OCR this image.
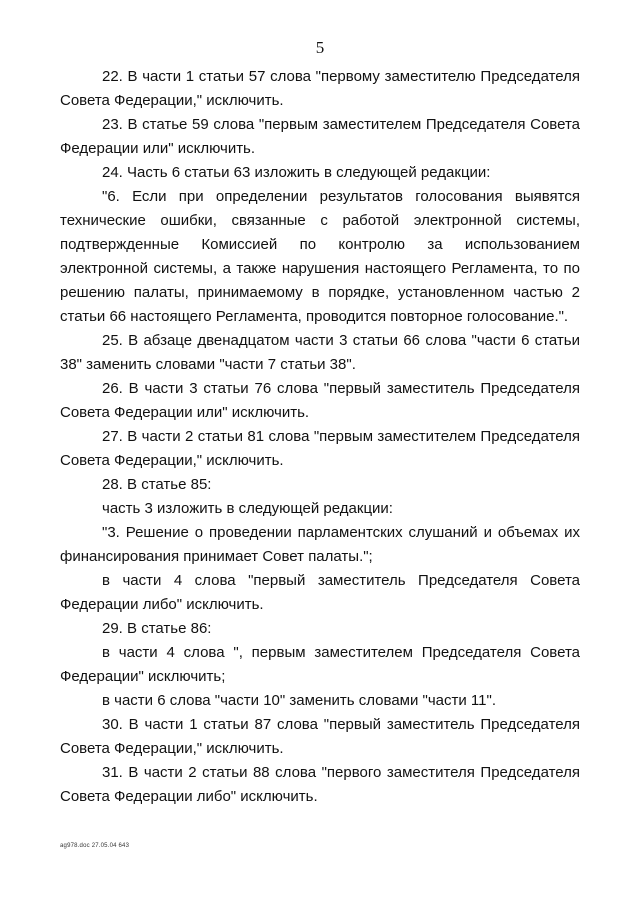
5

22. В части 1 статьи 57 слова "первому заместителю Председателя Совета Федерации," исключить.

23. В статье 59 слова "первым заместителем Председателя Совета Федерации или" исключить.

24. Часть 6 статьи 63 изложить в следующей редакции:

"6. Если при определении результатов голосования выявятся технические ошибки, связанные с работой электронной системы, подтвержденные Комиссией по контролю за использованием электронной системы, а также нарушения настоящего Регламента, то по решению палаты, принимаемому в порядке, установленном частью 2 статьи 66 настоящего Регламента, проводится повторное голосование.".

25. В абзаце двенадцатом части 3 статьи 66 слова "части 6 статьи 38" заменить словами "части 7 статьи 38".

26. В части 3 статьи 76 слова "первый заместитель Председателя Совета Федерации или" исключить.

27. В части 2 статьи 81 слова "первым заместителем Председателя Совета Федерации," исключить.

28. В статье 85:

часть 3 изложить в следующей редакции:

"3. Решение о проведении парламентских слушаний и объемах их финансирования принимает Совет палаты.";

в части 4 слова "первый заместитель Председателя Совета Федерации либо" исключить.

29. В статье 86:

в части 4 слова ", первым заместителем Председателя Совета Федерации" исключить;

в части 6 слова "части 10" заменить словами "части 11".

30. В части 1 статьи 87 слова "первый заместитель Председателя Совета Федерации," исключить.

31. В части 2 статьи 88 слова "первого заместителя Председателя Совета Федерации либо" исключить.

ag978.doc 27.05.04 643
